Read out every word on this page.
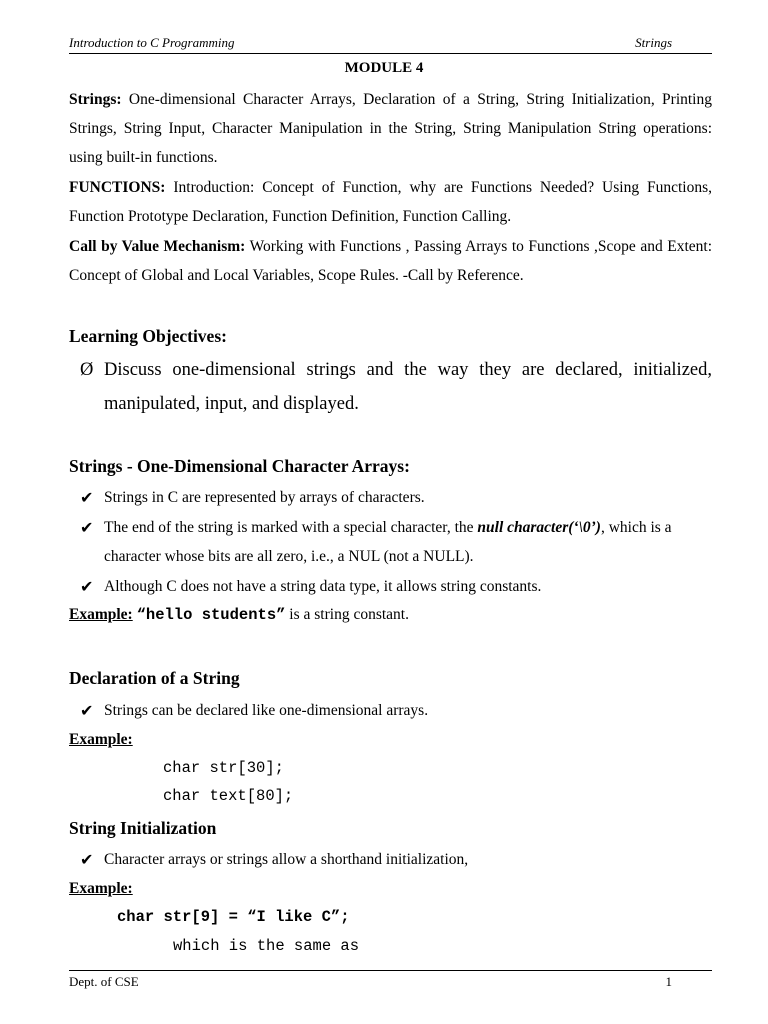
Introduction to C Programming	Strings
MODULE 4
Strings: One-dimensional Character Arrays, Declaration of a String, String Initialization, Printing Strings, String Input, Character Manipulation in the String, String Manipulation String operations: using built-in functions.
FUNCTIONS: Introduction: Concept of Function, why are Functions Needed? Using Functions, Function Prototype Declaration, Function Definition, Function Calling.
Call by Value Mechanism: Working with Functions , Passing Arrays to Functions ,Scope and Extent: Concept of Global and Local Variables, Scope Rules. -Call by Reference.
Learning Objectives:
Ø Discuss one-dimensional strings and the way they are declared, initialized, manipulated, input, and displayed.
Strings - One-Dimensional Character Arrays:
✔ Strings in C are represented by arrays of characters.
✔ The end of the string is marked with a special character, the null character(‘\0’), which is a character whose bits are all zero, i.e., a NUL (not a NULL).
✔ Although C does not have a string data type, it allows string constants.
Example: “hello students” is a string constant.
Declaration of a String
✔ Strings can be declared like one-dimensional arrays.
Example:
char str[30];
char text[80];
String Initialization
✔ Character arrays or strings allow a shorthand initialization,
Example:
char str[9] = “I like C”;
which is the same as
Dept. of CSE	1
